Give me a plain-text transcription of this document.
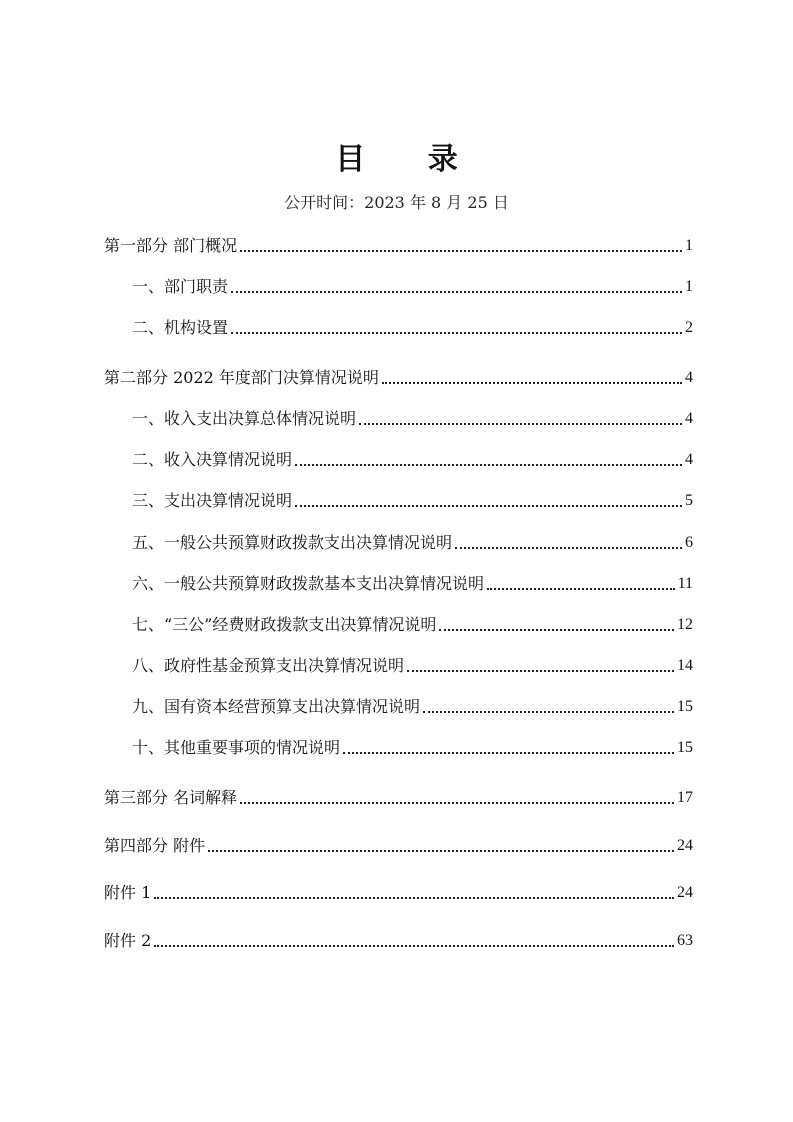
目 录
公开时间：2023 年 8 月 25 日
第一部分 部门概况	1
一、部门职责	1
二、机构设置	2
第二部分 2022 年度部门决算情况说明	4
一、收入支出决算总体情况说明	4
二、收入决算情况说明	4
三、支出决算情况说明	5
五、一般公共预算财政拨款支出决算情况说明	6
六、一般公共预算财政拨款基本支出决算情况说明	11
七、“三公”经费财政拨款支出决算情况说明	12
八、政府性基金预算支出决算情况说明	14
九、国有资本经营预算支出决算情况说明	15
十、其他重要事项的情况说明	15
第三部分 名词解释	17
第四部分 附件	24
附件 1	24
附件 2	63
